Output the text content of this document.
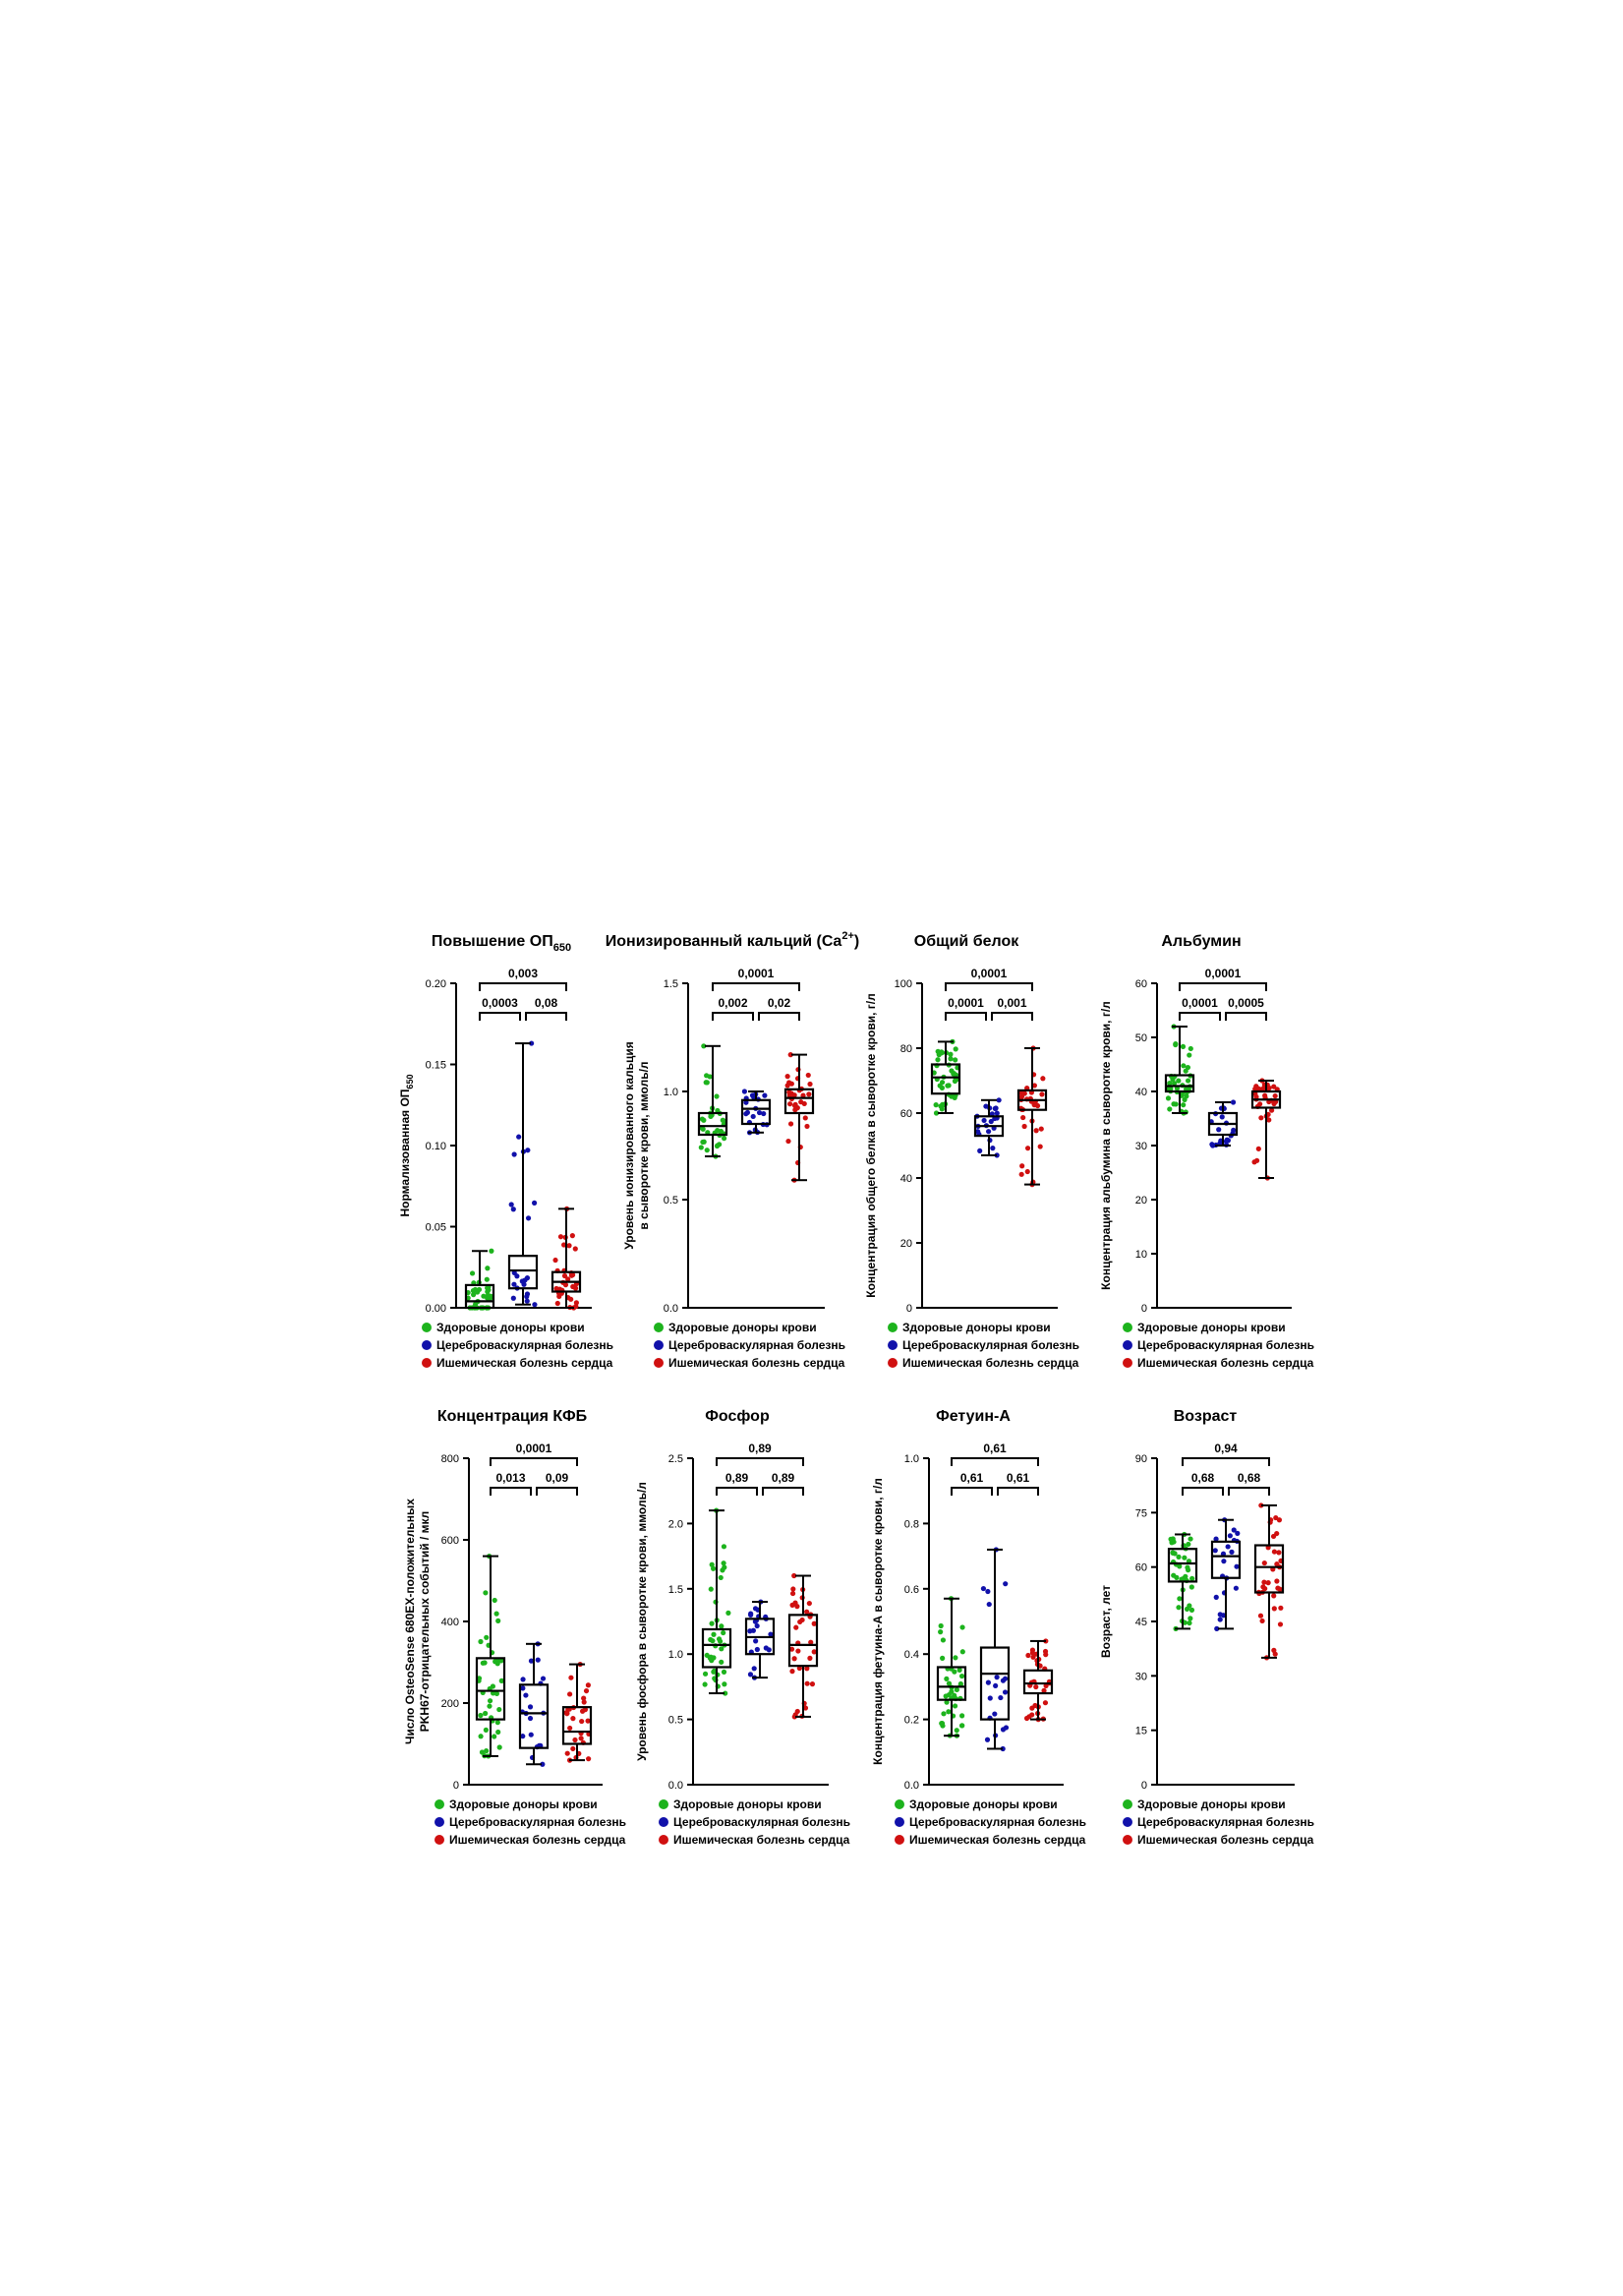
Повышение $ОП_{650}$
0.00
0.05
0.10
0.15
0.20
Нормализованная $ОП_{650}$
0,003
0,0003 0,08
Здоровые доноры крови
Цереброваскулярная болезнь
Ишемическая болезнь сердца
Ионизированный кальций $(Ca^{2+})$
0.0
0.5
1.0
1.5
Уровень ионизированного кальцияв сыворотке крови, ммоль/л
0,0001
0,002 0,02
Здоровые доноры крови
Цереброваскулярная болезнь
Ишемическая болезнь сердца
Общий белок
0
20
40
60
80
100
Концентрация общего белка в сыворотке крови, г/л
0,0001
0,0001 0,001
Здоровые доноры крови
Цереброваскулярная болезнь
Ишемическая болезнь сердца
Альбумин
0
10
20
30
40
50
60
Концентрация альбумина в сыворотке крови, г/л
0,0001
0,0001 0,0005
Здоровые доноры крови
Цереброваскулярная болезнь
Ишемическая болезнь сердца
Концентрация КФБ
0
200
400
600
800
Число OsteoSense 680EX-положительныхPKH67-отрицательных событий / мкл
0,0001
0,013 0,09
Здоровые доноры крови
Цереброваскулярная болезнь
Ишемическая болезнь сердца
Фосфор
0.0
0.5
1.0
1.5
2.0
2.5
Уровень фосфора в сыворотке крови, ммоль/л
0,89
0,89 0,89
Здоровые доноры крови
Цереброваскулярная болезнь
Ишемическая болезнь сердца
Фетуин-А
0.0
0.2
0.4
0.6
0.8
1.0
Концентрация фетуина-А в сыворотке крови, г/л
0,61
0,61 0,61
Здоровые доноры крови
Цереброваскулярная болезнь
Ишемическая болезнь сердца
Возраст
0
15
30
45
60
75
90
Возраст, лет
0,94
0,68 0,68
Здоровые доноры крови
Цереброваскулярная болезнь
Ишемическая болезнь сердца
